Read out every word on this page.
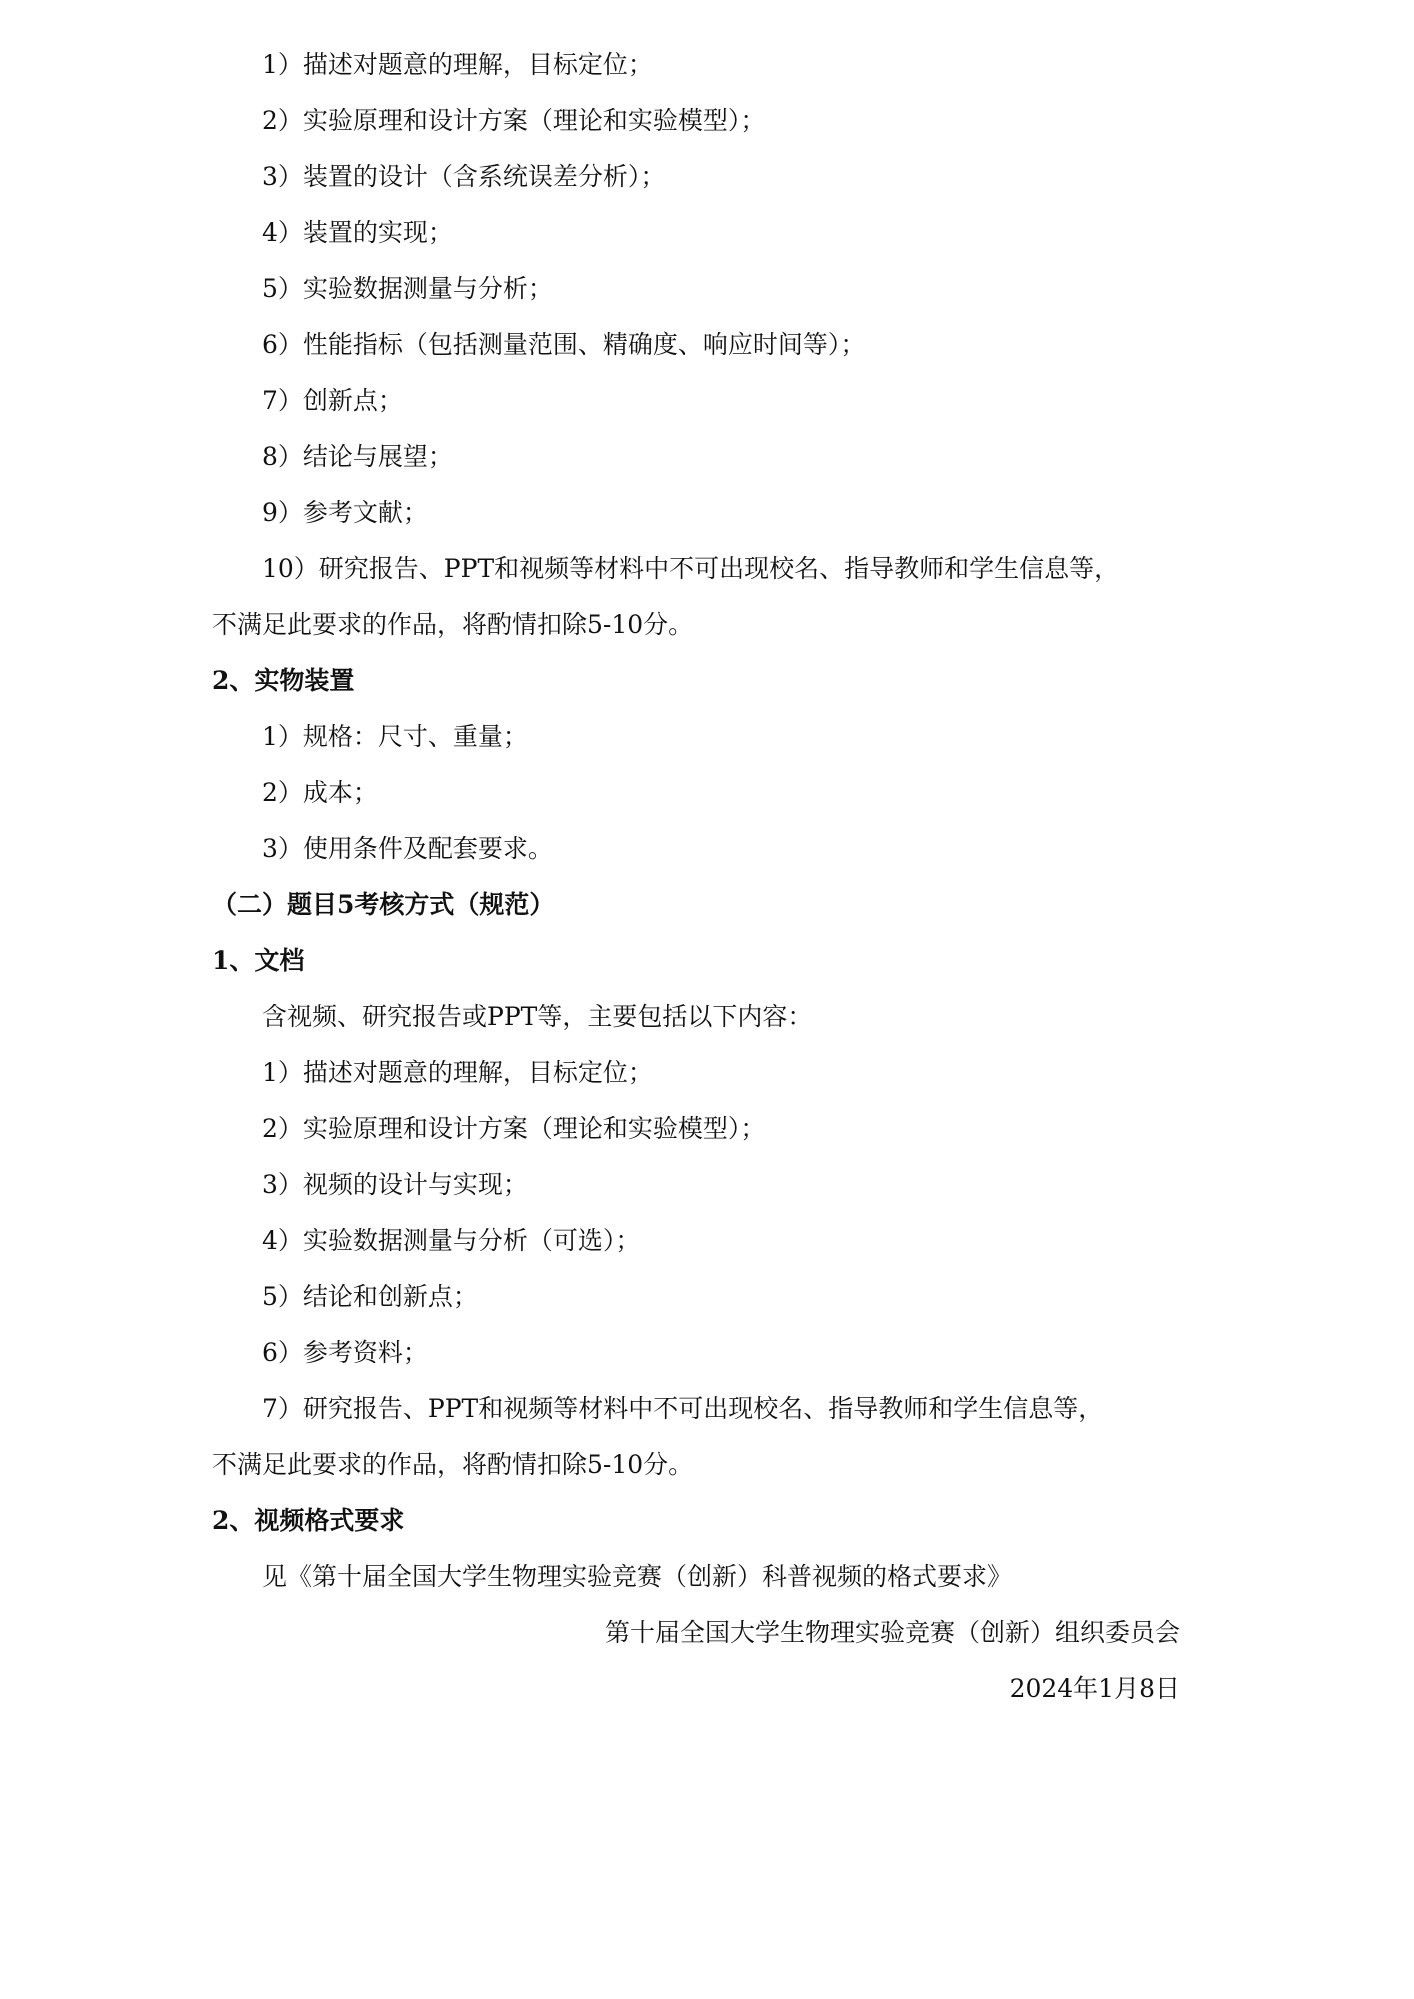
1）描述对题意的理解，目标定位；
2）实验原理和设计方案（理论和实验模型）；
3）装置的设计（含系统误差分析）；
4）装置的实现；
5）实验数据测量与分析；
6）性能指标（包括测量范围、精确度、响应时间等）；
7）创新点；
8）结论与展望；
9）参考文献；
10）研究报告、PPT和视频等材料中不可出现校名、指导教师和学生信息等，
不满足此要求的作品，将酌情扣除5-10分。
2、实物装置
1）规格：尺寸、重量；
2）成本；
3）使用条件及配套要求。
（二）题目5考核方式（规范）
1、文档
含视频、研究报告或PPT等，主要包括以下内容：
1）描述对题意的理解，目标定位；
2）实验原理和设计方案（理论和实验模型）；
3）视频的设计与实现；
4）实验数据测量与分析（可选）；
5）结论和创新点；
6）参考资料；
7）研究报告、PPT和视频等材料中不可出现校名、指导教师和学生信息等，
不满足此要求的作品，将酌情扣除5-10分。
2、视频格式要求
见《第十届全国大学生物理实验竞赛（创新）科普视频的格式要求》
第十届全国大学生物理实验竞赛（创新）组织委员会
2024年1月8日
